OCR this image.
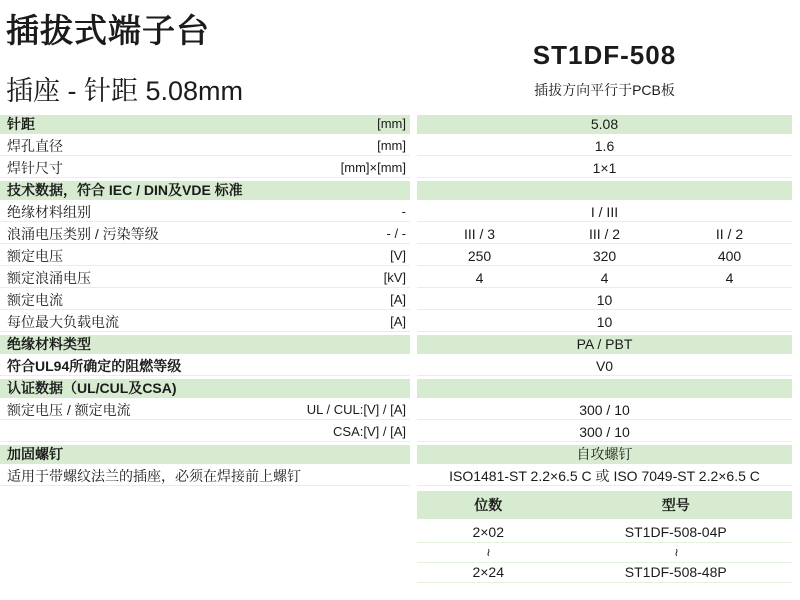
插拔式端子台
插座 - 针距 5.08mm
ST1DF-508
插拔方向平行于PCB板
针距	[mm]	5.08
焊孔直径	[mm]	1.6
焊针尺寸	[mm]×[mm]	1×1
技术数据，符合 IEC / DIN及VDE 标准
绝缘材料组别	-	I / III
浪涌电压类别 / 污染等级	- / -	III / 3	III / 2	II / 2
额定电压	[V]	250	320	400
额定浪涌电压	[kV]	4	4	4
额定电流	[A]	10
每位最大负载电流	[A]	10
绝缘材料类型	PA / PBT
符合UL94所确定的阻燃等级	V0
认证数据（UL/CUL及CSA)
额定电压 / 额定电流	UL / CUL:[V] / [A]	300 / 10
CSA:[V] / [A]	300 / 10
加固螺钉	自攻螺钉
适用于带螺纹法兰的插座，必须在焊接前上螺钉	ISO1481-ST 2.2×6.5 C 或 ISO 7049-ST 2.2×6.5 C
位数	型号
2×02	ST1DF-508-04P
~	~
2×24	ST1DF-508-48P
